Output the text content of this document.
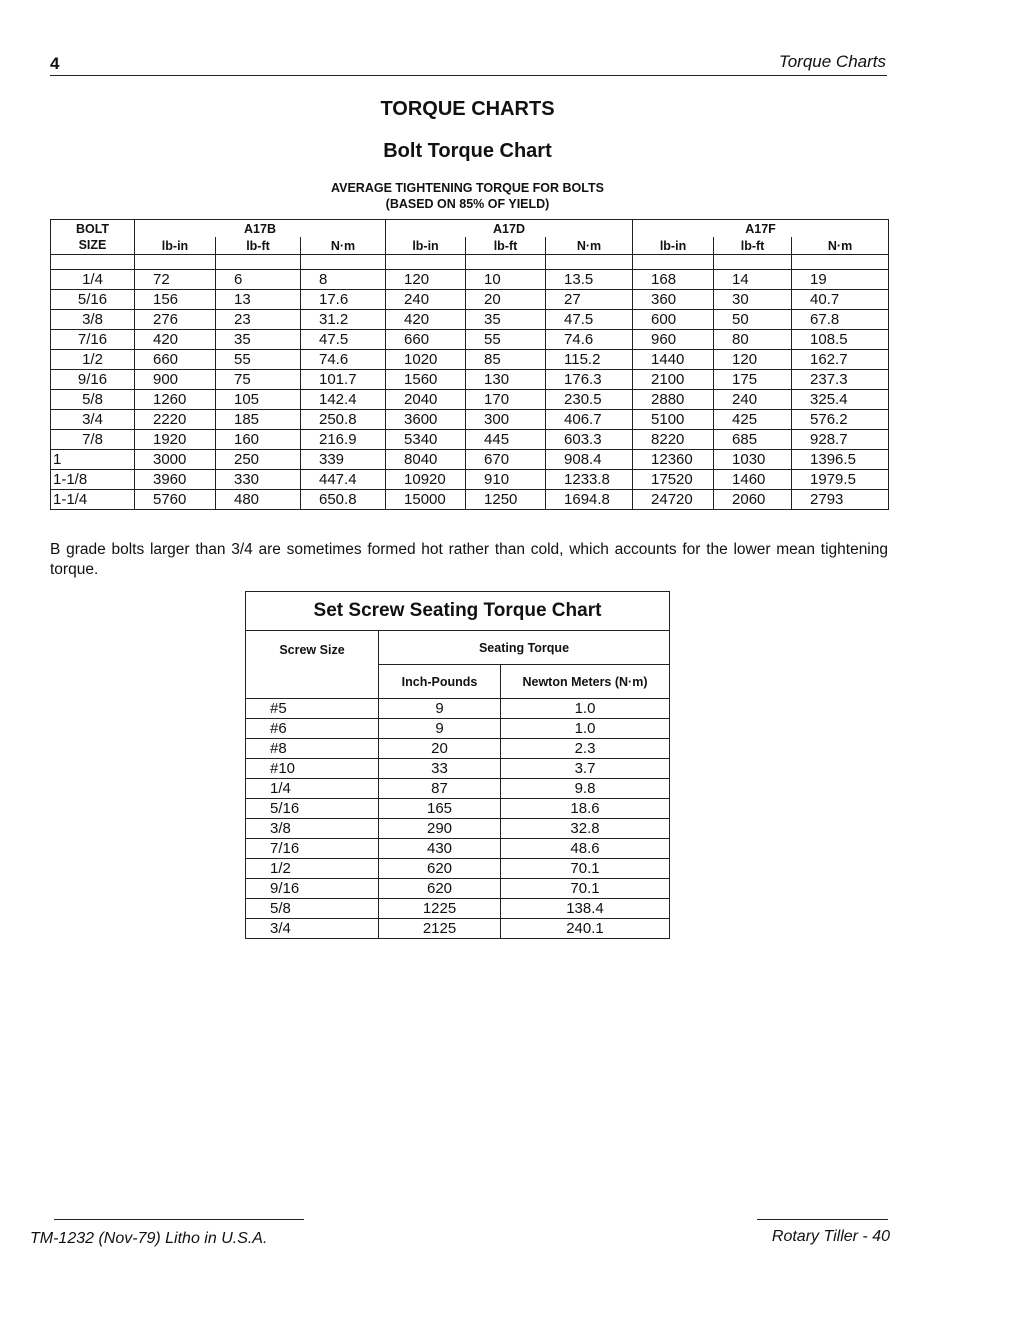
4	Torque Charts
TORQUE CHARTS
Bolt Torque Chart
AVERAGE TIGHTENING TORQUE FOR BOLTS
(BASED ON 85% OF YIELD)
BOLT
SIZE	A17B			A17D			A17F		
	lb-in	lb-ft	N·m	lb-in	lb-ft	N·m	lb-in	lb-ft	N·m

1/4	72	6	8	120	10	13.5	168	14	19
5/16	156	13	17.6	240	20	27	360	30	40.7
3/8	276	23	31.2	420	35	47.5	600	50	67.8
7/16	420	35	47.5	660	55	74.6	960	80	108.5
1/2	660	55	74.6	1020	85	115.2	1440	120	162.7
9/16	900	75	101.7	1560	130	176.3	2100	175	237.3
5/8	1260	105	142.4	2040	170	230.5	2880	240	325.4
3/4	2220	185	250.8	3600	300	406.7	5100	425	576.2
7/8	1920	160	216.9	5340	445	603.3	8220	685	928.7
1	3000	250	339	8040	670	908.4	12360	1030	1396.5
1-1/8	3960	330	447.4	10920	910	1233.8	17520	1460	1979.5
1-1/4	5760	480	650.8	15000	1250	1694.8	24720	2060	2793
B grade bolts larger than 3/4 are sometimes formed hot rather than cold, which accounts for the lower mean tightening torque.
Set Screw Seating Torque Chart		
Screw Size	Seating Torque	
	Inch-Pounds	Newton Meters (N·m)
#5	9	1.0
#6	9	1.0
#8	20	2.3
#10	33	3.7
1/4	87	9.8
5/16	165	18.6
3/8	290	32.8
7/16	430	48.6
1/2	620	70.1
9/16	620	70.1
5/8	1225	138.4
3/4	2125	240.1
TM-1232 (Nov-79) Litho in U.S.A.	Rotary Tiller - 40
